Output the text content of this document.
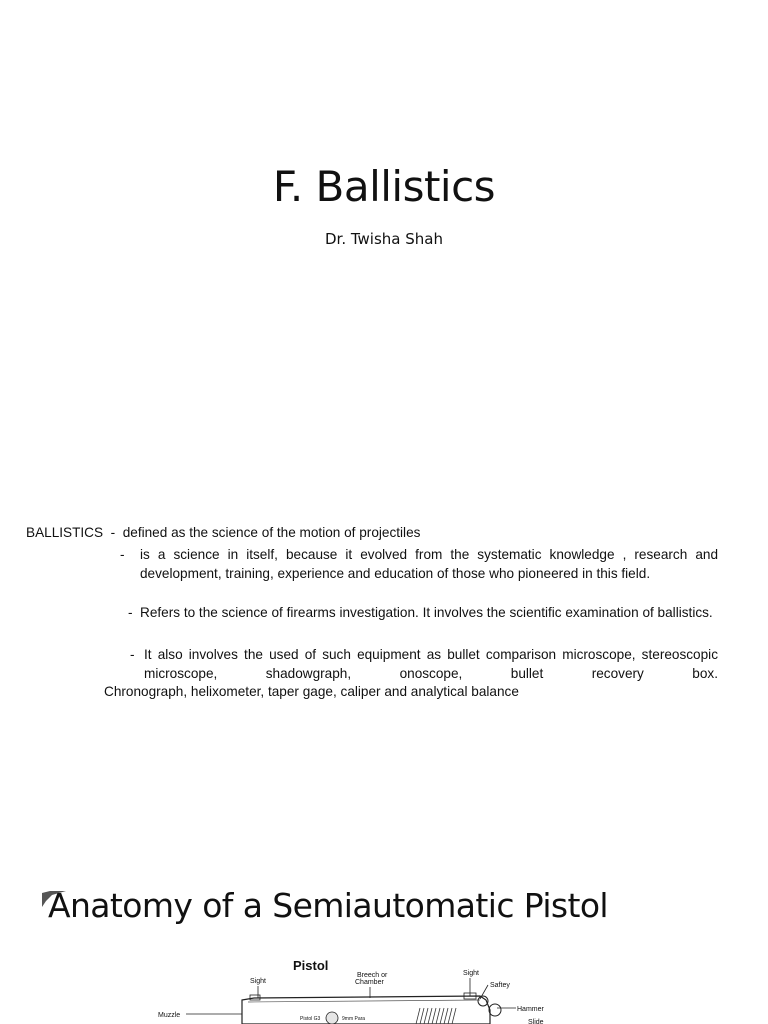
F. Ballistics
Dr. Twisha Shah
BALLISTICS  -  defined as the science of the motion of projectiles
- is a science in itself, because it evolved from the systematic knowledge , research and development, training, experience and education of those who pioneered in this field.
- Refers to the science of firearms investigation. It involves the scientific examination of ballistics.
- It also involves the used of such equipment as bullet comparison microscope, stereoscopic microscope, shadowgraph, onoscope, bullet recovery box.
Chronograph, helixometer, taper gage, caliper and analytical balance
Anatomy of a Semiautomatic Pistol
Pistol
Sight
Breech or
Chamber
Sight
Saftey
Hammer
Slide
Muzzle	Pistol G3	9mm Para
